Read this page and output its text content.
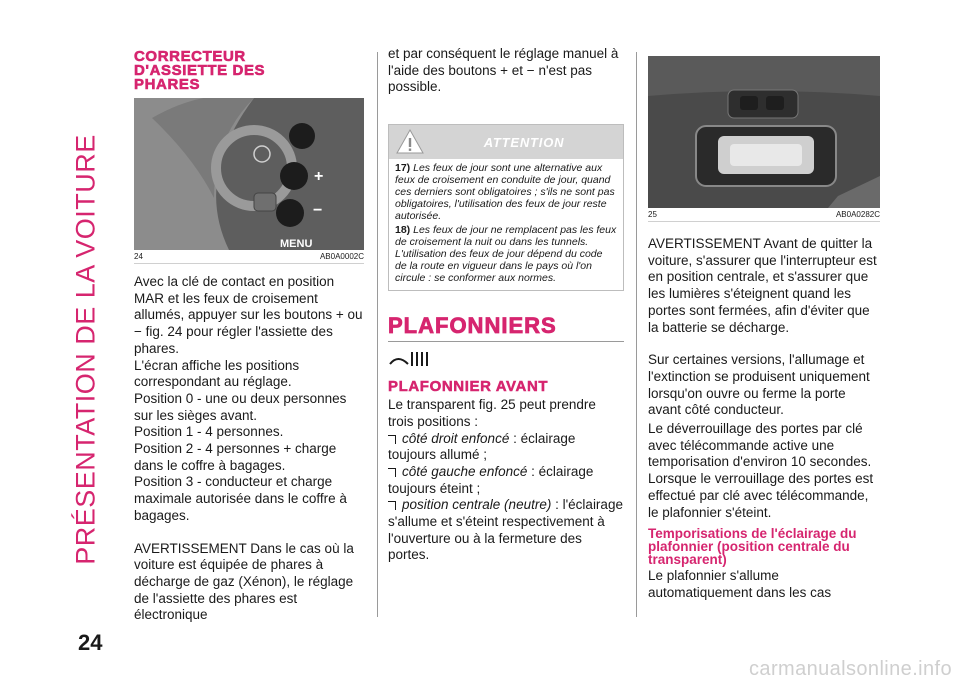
PRÉSENTATION DE LA VOITURE
24
CORRECTEUR
D'ASSIETTE DES
PHARES
+
−
MENU
24	AB0A0002C

Avec la clé de contact en position MAR et les feux de croisement allumés, appuyer sur les boutons + ou − fig. 24 pour régler l'assiette des phares.

L'écran affiche les positions correspondant au réglage.

Position 0 - une ou deux personnes sur les sièges avant.

Position 1 - 4 personnes.

Position 2 - 4 personnes + charge dans le coffre à bagages.

Position 3 - conducteur et charge maximale autorisée dans le coffre à bagages.

AVERTISSEMENT Dans le cas où la voiture est équipée de phares à décharge de gaz (Xénon), le réglage de l'assiette des phares est électronique

et par conséquent le réglage manuel à l'aide des boutons + et − n'est pas possible.

ATTENTION
17) Les feux de jour sont une alternative aux feux de croisement en conduite de jour, quand ces derniers sont obligatoires ; s'ils ne sont pas obligatoires, l'utilisation des feux de jour reste autorisée.
18) Les feux de jour ne remplacent pas les feux de croisement la nuit ou dans les tunnels. L'utilisation des feux de jour dépend du code de la route en vigueur dans le pays où l'on circule : se conformer aux normes.
PLAFONNIERS
PLAFONNIER AVANT

Le transparent fig. 25 peut prendre trois positions :

côté droit enfoncé : éclairage toujours allumé ;
côté gauche enfoncé : éclairage toujours éteint ;
position centrale (neutre) : l'éclairage s'allume et s'éteint respectivement à l'ouverture ou à la fermeture des portes.
25	AB0A0282C

AVERTISSEMENT Avant de quitter la voiture, s'assurer que l'interrupteur est en position centrale, et s'assurer que les lumières s'éteignent quand les portes sont fermées, afin d'éviter que la batterie se décharge.

Sur certaines versions, l'allumage et l'extinction se produisent uniquement lorsqu'on ouvre ou ferme la porte avant côté conducteur.

Le déverrouillage des portes par clé avec télécommande active une temporisation d'environ 10 secondes. Lorsque le verrouillage des portes est effectué par clé avec télécommande, le plafonnier s'éteint.

Temporisations de l'éclairage du plafonnier (position centrale du transparent)

Le plafonnier s'allume automatiquement dans les cas

carmanualsonline.info
